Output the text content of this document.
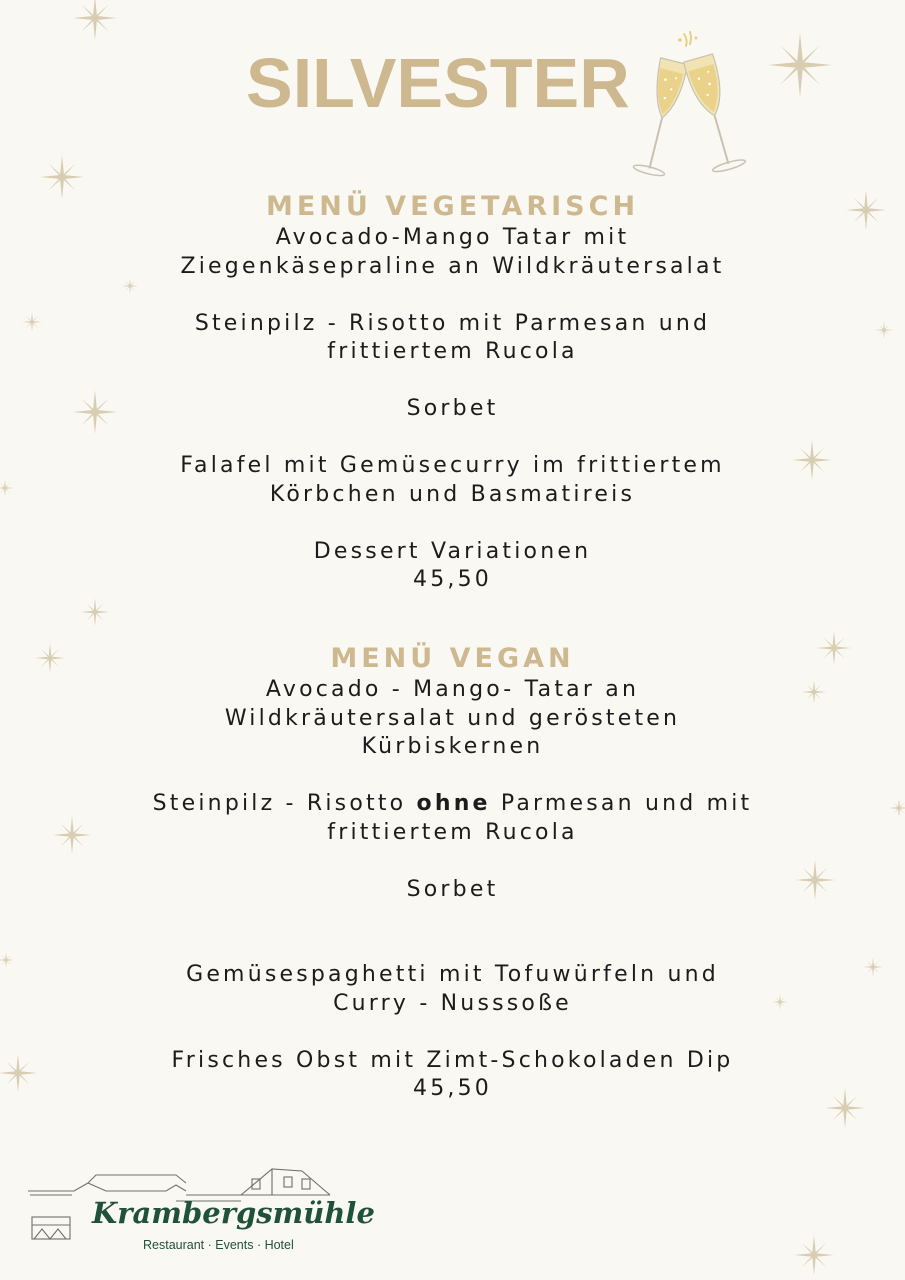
SILVESTER
MENÜ VEGETARISCH

Avocado-Mango Tatar mit

Ziegenkäsepraline an Wildkräutersalat

Steinpilz - Risotto mit Parmesan und

frittiertem Rucola

Sorbet

Falafel mit Gemüsecurry im frittiertem

Körbchen und Basmatireis

Dessert Variationen

45,50

MENÜ VEGAN

Avocado - Mango- Tatar an

Wildkräutersalat und gerösteten

Kürbiskernen

Steinpilz - Risotto ohne Parmesan und mit

frittiertem Rucola

Sorbet

Gemüsespaghetti mit Tofuwürfeln und

Curry - Nusssoße

Frisches Obst mit Zimt-Schokoladen Dip

45,50

Krambergsmühle

Restaurant · Events · Hotel
